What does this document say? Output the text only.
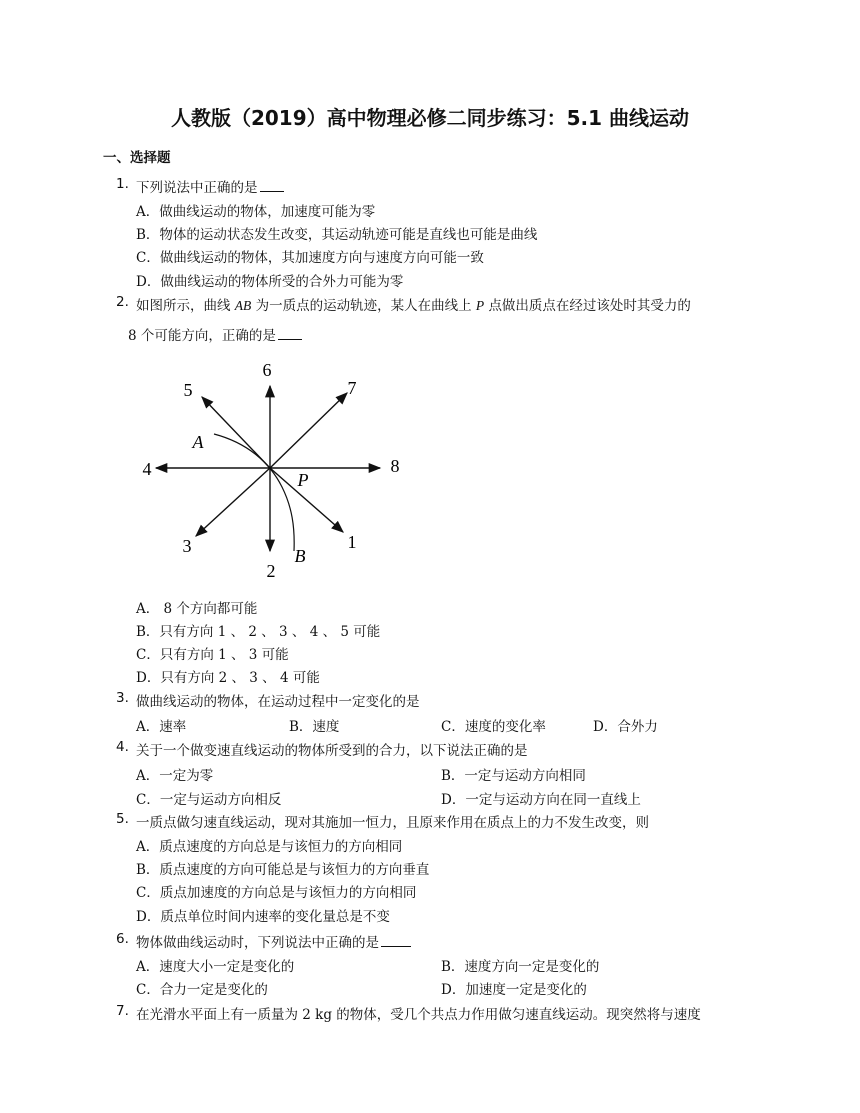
人教版（2019）高中物理必修二同步练习：5.1 曲线运动
一、选择题
1. 下列说法中正确的是
A．做曲线运动的物体，加速度可能为零
B．物体的运动状态发生改变，其运动轨迹可能是直线也可能是曲线
C．做曲线运动的物体，其加速度方向与速度方向可能一致
D．做曲线运动的物体所受的合外力可能为零
2. 如图所示，曲线 AB 为一质点的运动轨迹，某人在曲线上 P 点做出质点在经过该处时其受力的
8 个可能方向，正确的是
6
2
4	8
5	7
3	1
A
B
P
A． 8 个方向都可能
B．只有方向 1 、 2 、 3 、 4 、 5 可能
C．只有方向 1 、 3 可能
D．只有方向 2 、 3 、 4 可能
3. 做曲线运动的物体，在运动过程中一定变化的是
A．速率	B．速度	C．速度的变化率	D．合外力
4. 关于一个做变速直线运动的物体所受到的合力，以下说法正确的是
A．一定为零	B．一定与运动方向相同
C．一定与运动方向相反	D．一定与运动方向在同一直线上
5. 一质点做匀速直线运动，现对其施加一恒力，且原来作用在质点上的力不发生改变，则
A．质点速度的方向总是与该恒力的方向相同
B．质点速度的方向可能总是与该恒力的方向垂直
C．质点加速度的方向总是与该恒力的方向相同
D．质点单位时间内速率的变化量总是不变
6. 物体做曲线运动时，下列说法中正确的是
A．速度大小一定是变化的	B．速度方向一定是变化的
C．合力一定是变化的	D．加速度一定是变化的
7. 在光滑水平面上有一质量为 2 kg 的物体，受几个共点力作用做匀速直线运动。现突然将与速度
